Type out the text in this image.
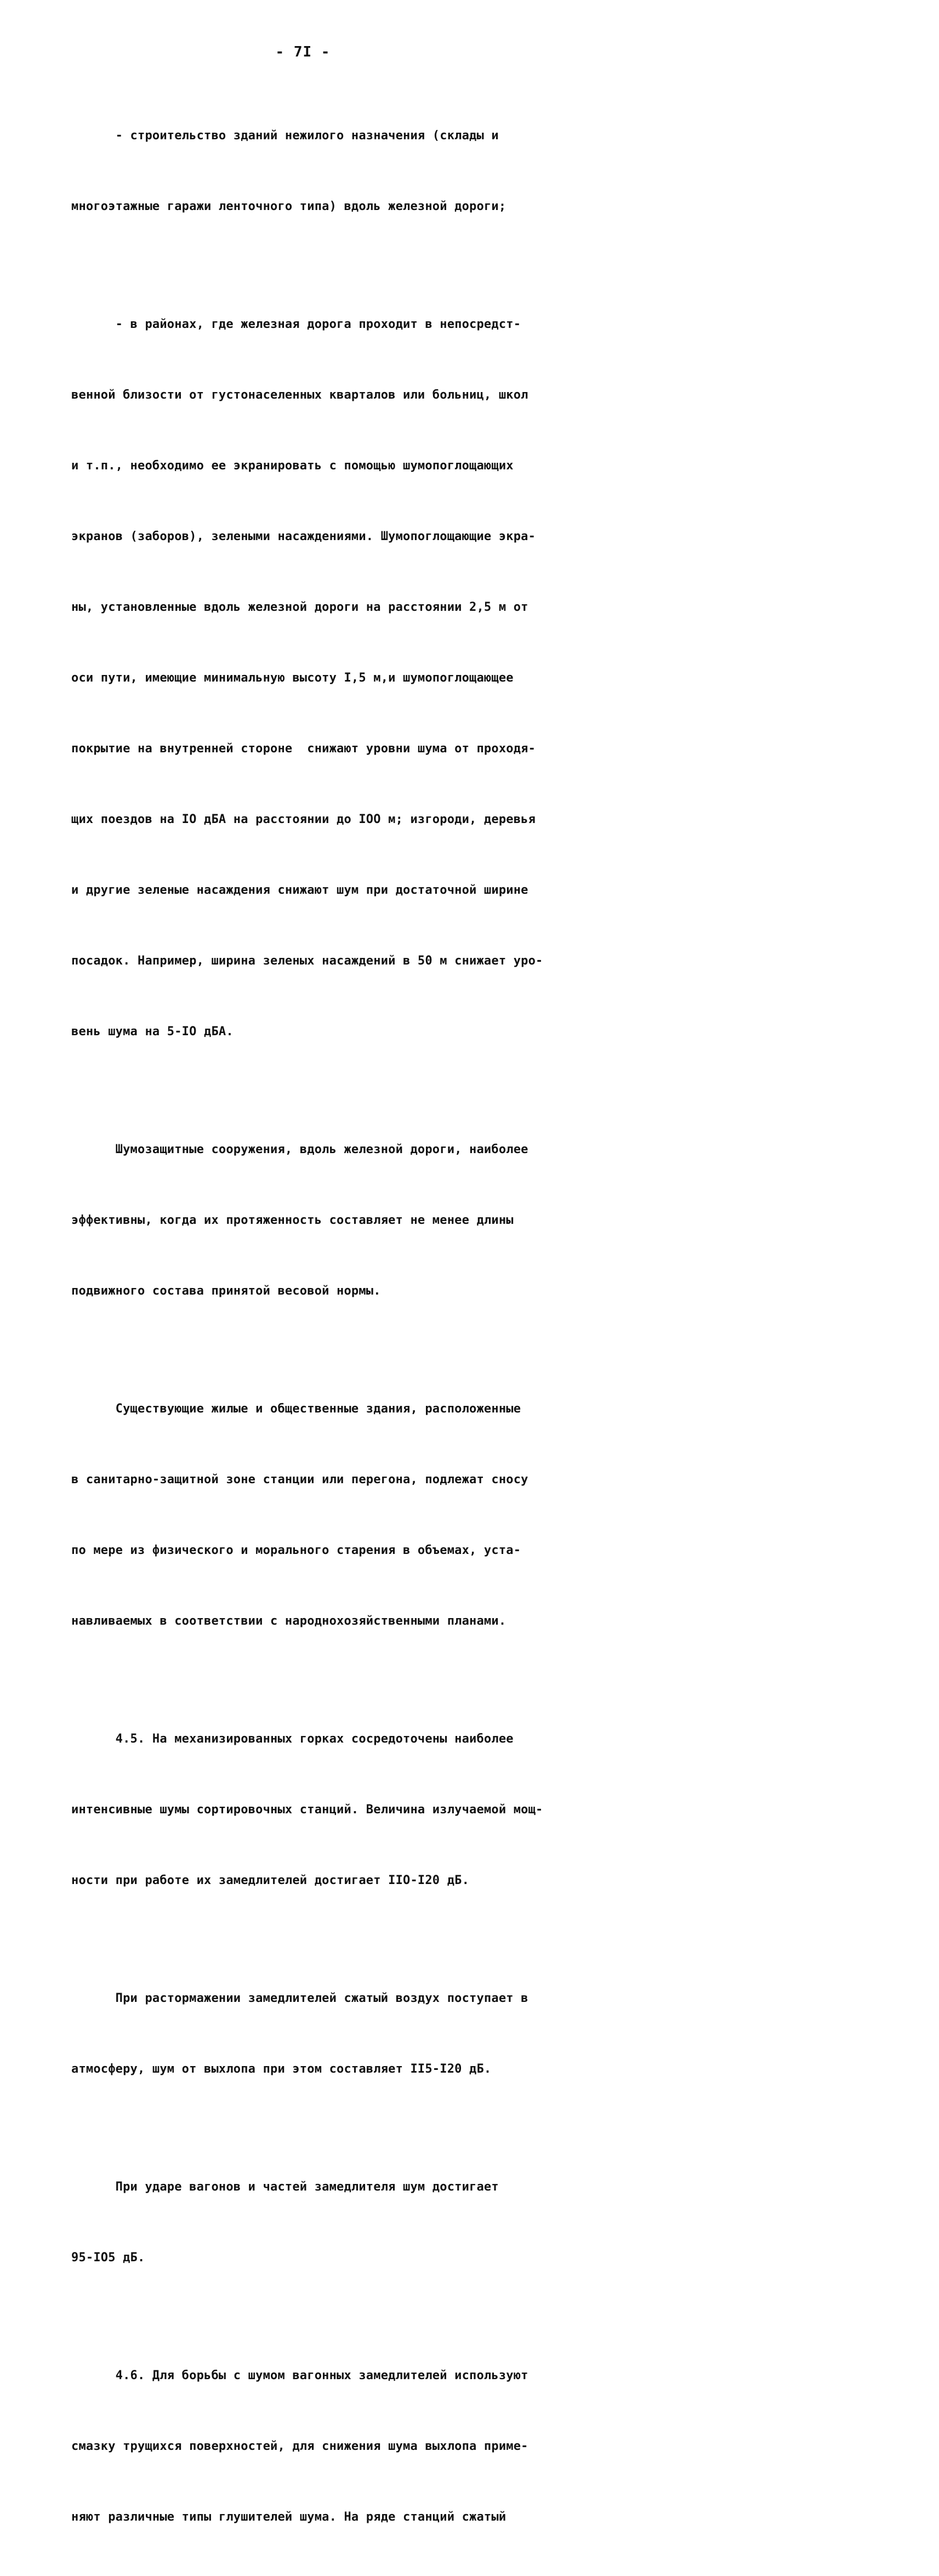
- 7I -

- строительство зданий нежилого назначения (склады и

многоэтажные гаражи ленточного типа) вдоль железной дороги;

- в районах, где железная дорога проходит в непосредст-

венной близости от густонаселенных кварталов или больниц, школ

и т.п., необходимо ее экранировать с помощью шумопоглощающих

экранов (заборов), зелеными насаждениями. Шумопоглощающие экра-

ны, установленные вдоль железной дороги на расстоянии 2,5 м от

оси пути, имеющие минимальную высоту I,5 м,и шумопоглощающее

покрытие на внутренней стороне  снижают уровни шума от проходя-

щих поездов на IO дБА на расстоянии до IOO м; изгороди, деревья

и другие зеленые насаждения снижают шум при достаточной ширине

посадок. Например, ширина зеленых насаждений в 50 м снижает уро-

вень шума на 5-IO дБА.

Шумозащитные сооружения, вдоль железной дороги, наиболее

эффективны, когда их протяженность составляет не менее длины

подвижного состава принятой весовой нормы.

Существующие жилые и общественные здания, расположенные

в санитарно-защитной зоне станции или перегона, подлежат сносу

по мере из физического и морального старения в объемах, уста-

навливаемых в соответствии с народнохозяйственными планами.

4.5. На механизированных горках сосредоточены наиболее

интенсивные шумы сортировочных станций. Величина излучаемой мощ-

ности при работе их замедлителей достигает IIO-I20 дБ.

При растормажении замедлителей сжатый воздух поступает в

атмосферу, шум от выхлопа при этом составляет II5-I20 дБ.

При ударе вагонов и частей замедлителя шум достигает

95-IO5 дБ.

4.6. Для борьбы с шумом вагонных замедлителей используют

смазку трущихся поверхностей, для снижения шума выхлопа приме-

няют различные типы глушителей шума. На ряде станций сжатый
